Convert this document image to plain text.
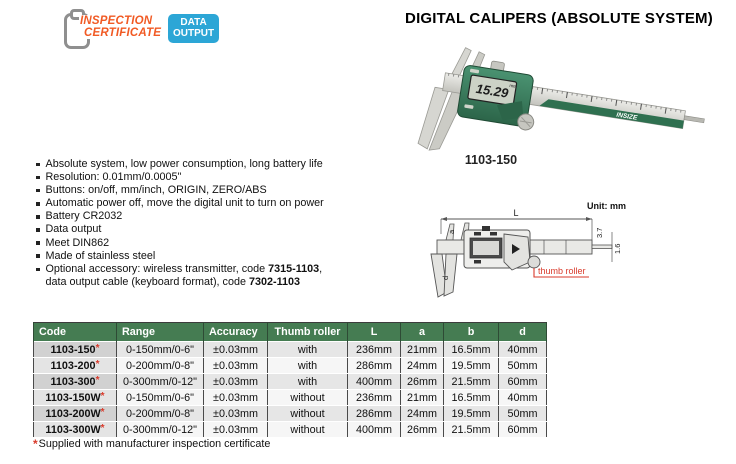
INSPECTION
CERTIFICATE
DATA
OUTPUT
DIGITAL CALIPERS (ABSOLUTE SYSTEM)
INSIZE
15.29 mm
1103-150
Absolute system, low power consumption, long battery life
Resolution: 0.01mm/0.0005"
Buttons: on/off, mm/inch, ORIGIN, ZERO/ABS
Automatic power off, move the digital unit to turn on power
Battery CR2032
Data output
Meet DIN862
Made of stainless steel
Optional accessory: wireless transmitter, code 7315-1103,
data output cable (keyboard format), code 7302-1103
Unit: mm
L
a	3.7
1.6
d
thumb roller
Code	Range	Accuracy	Thumb roller	L	a	b	d
1103-150*	0-150mm/0-6"	±0.03mm	with	236mm	21mm	16.5mm	40mm
1103-200*	0-200mm/0-8"	±0.03mm	with	286mm	24mm	19.5mm	50mm
1103-300*	0-300mm/0-12"	±0.03mm	with	400mm	26mm	21.5mm	60mm
1103-150W*	0-150mm/0-6"	±0.03mm	without	236mm	21mm	16.5mm	40mm
1103-200W*	0-200mm/0-8"	±0.03mm	without	286mm	24mm	19.5mm	50mm
1103-300W*	0-300mm/0-12"	±0.03mm	without	400mm	26mm	21.5mm	60mm
*Supplied with manufacturer inspection certificate
